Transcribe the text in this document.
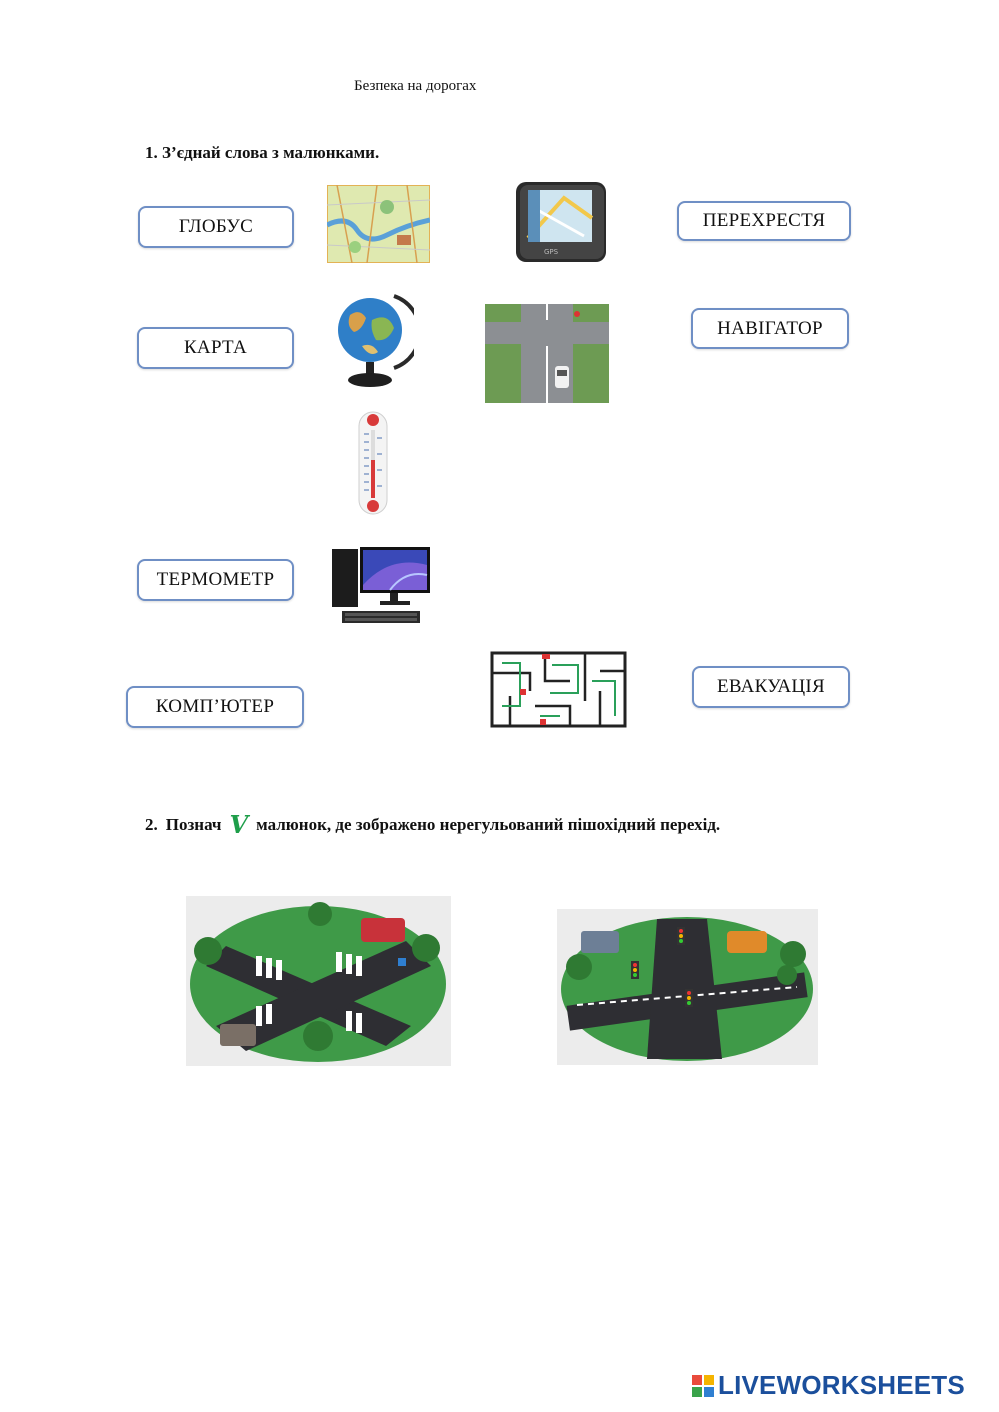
Безпека на дорогах
1. З’єднай слова з малюнками.
ГЛОБУС
КАРТА
ТЕРМОМЕТР
КОМП’ЮТЕР
ПЕРЕХРЕСТЯ
НАВІГАТОР
ЕВАКУАЦІЯ
GPS
2. Познач V малюнок, де зображено нерегульований пішохідний перехід.
LIVEWORKSHEETS
